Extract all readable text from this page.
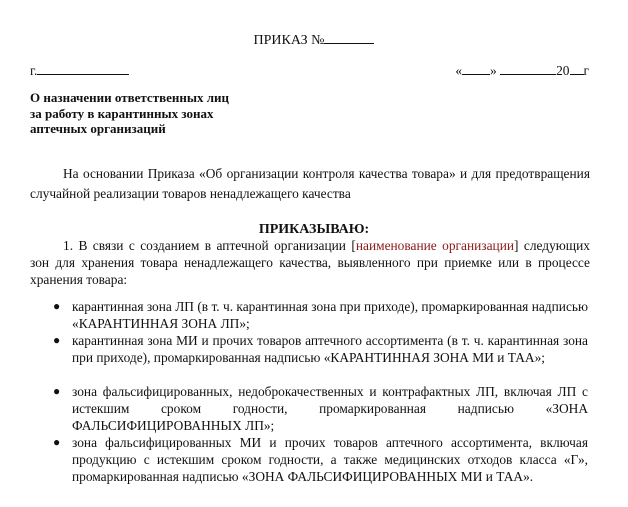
ПРИКАЗ №
г.	« »	20 г
О назначении ответственных лиц
за работу в карантинных зонах
аптечных организаций
На основании Приказа «Об организации контроля качества товара» и для предотвращения случайной реализации товаров ненадлежащего качества
ПРИКАЗЫВАЮ:
1. В связи с созданием в аптечной организации [наименование организации] следующих зон для хранения товара ненадлежащего качества, выявленного при приемке или в процессе хранения товара:
● карантинная зона ЛП (в т. ч. карантинная зона при приходе), промаркированная надписью «КАРАНТИННАЯ ЗОНА ЛП»;
● карантинная зона МИ и прочих товаров аптечного ассортимента (в т. ч. карантинная зона при приходе), промаркированная надписью «КАРАНТИННАЯ ЗОНА МИ и ТАА»;
● зона фальсифицированных, недоброкачественных и контрафактных ЛП, включая ЛП с истекшим сроком годности, промаркированная надписью «ЗОНА ФАЛЬСИФИЦИРОВАННЫХ ЛП»;
● зона фальсифицированных МИ и прочих товаров аптечного ассортимента, включая продукцию с истекшим сроком годности, а также медицинских отходов класса «Г», промаркированная надписью «ЗОНА ФАЛЬСИФИЦИРОВАННЫХ МИ и ТАА».
